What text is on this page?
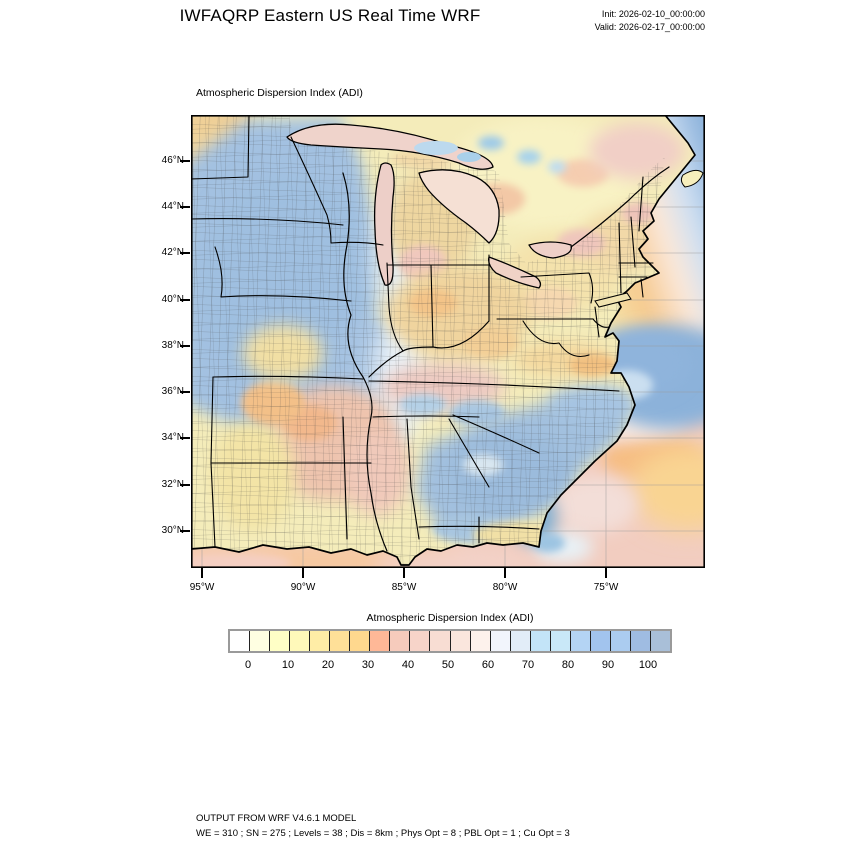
IWFAQRP Eastern US Real Time WRF	Init: 2026-02-10_00:00:00
Valid: 2026-02-17_00:00:00
Atmospheric Dispersion Index (ADI)
46°N
44°N
42°N
40°N
38°N
36°N
34°N
32°N
30°N
95°W	90°W	85°W	80°W	75°W
Atmospheric Dispersion Index (ADI)
0	10	20	30	40	50	60	70	80	90	100
OUTPUT FROM WRF V4.6.1 MODEL
WE = 310 ; SN = 275 ; Levels = 38 ; Dis = 8km ; Phys Opt = 8 ; PBL Opt = 1 ; Cu Opt = 3
